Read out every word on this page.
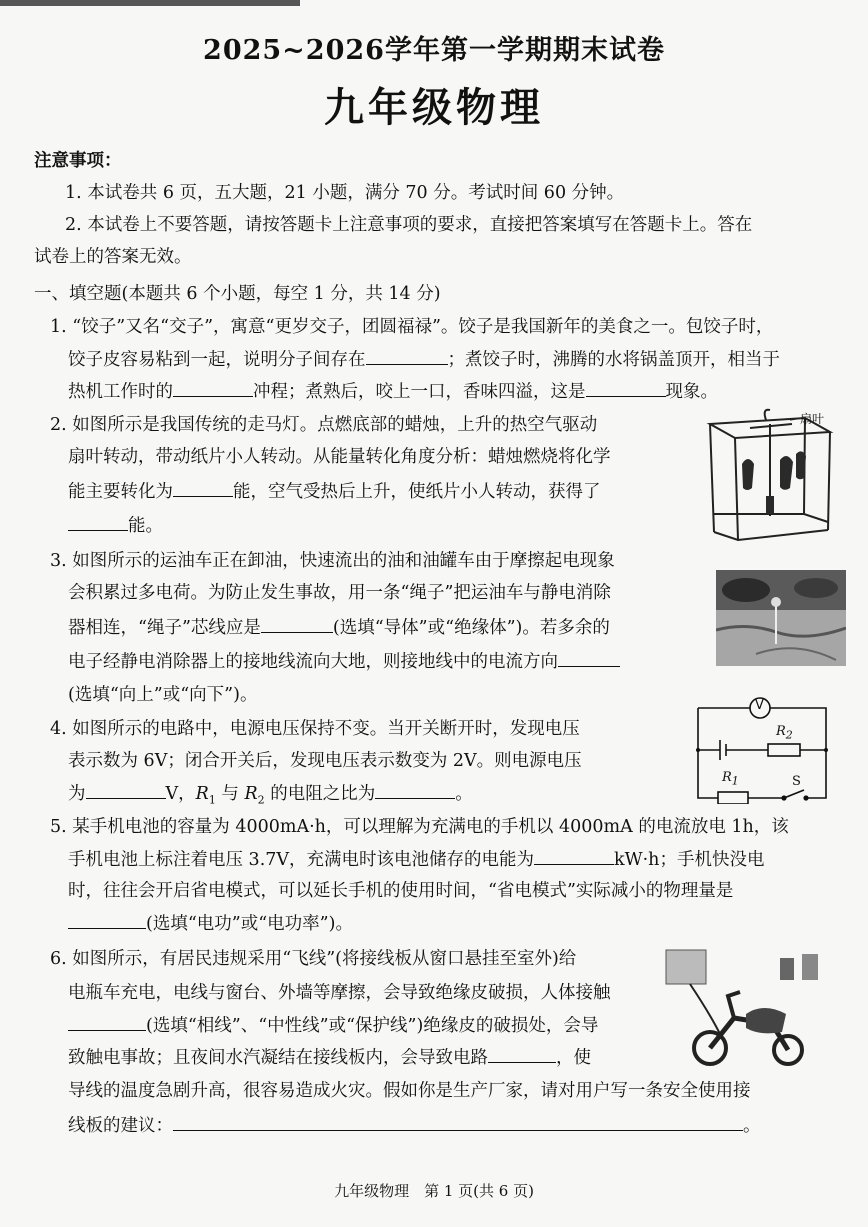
2025~2026学年第一学期期末试卷
九年级物理
注意事项：
1. 本试卷共 6 页，五大题，21 小题，满分 70 分。考试时间 60 分钟。
2. 本试卷上不要答题，请按答题卡上注意事项的要求，直接把答案填写在答题卡上。答在
试卷上的答案无效。
一、填空题(本题共 6 个小题，每空 1 分，共 14 分)
1. “饺子”又名“交子”，寓意“更岁交子，团圆福禄”。饺子是我国新年的美食之一。包饺子时，
饺子皮容易粘到一起，说明分子间存在	；煮饺子时，沸腾的水将锅盖顶开，相当于
热机工作时的	冲程；煮熟后，咬上一口，香味四溢，这是	现象。
2. 如图所示是我国传统的走马灯。点燃底部的蜡烛，上升的热空气驱动
扇叶转动，带动纸片小人转动。从能量转化角度分析：蜡烛燃烧将化学
能主要转化为	能，空气受热后上升，使纸片小人转动，获得了
能。
扇叶
3. 如图所示的运油车正在卸油，快速流出的油和油罐车由于摩擦起电现象
会积累过多电荷。为防止发生事故，用一条“绳子”把运油车与静电消除
器相连，“绳子”芯线应是	(选填“导体”或“绝缘体”)。若多余的
电子经静电消除器上的接地线流向大地，则接地线中的电流方向
(选填“向上”或“向下”)。
4. 如图所示的电路中，电源电压保持不变。当开关断开时，发现电压
表示数为 6V；闭合开关后，发现电压表示数变为 2V。则电源电压
为	V，$R_1$ 与 $R_2$ 的电阻之比为	。
V
$R_2$
$R_1$	S
5. 某手机电池的容量为 4000mA·h，可以理解为充满电的手机以 4000mA 的电流放电 1h，该
手机电池上标注着电压 3.7V，充满电时该电池储存的电能为	kW·h；手机快没电
时，往往会开启省电模式，可以延长手机的使用时间，“省电模式”实际减小的物理量是
(选填“电功”或“电功率”)。
6. 如图所示，有居民违规采用“飞线”(将接线板从窗口悬挂至室外)给
电瓶车充电，电线与窗台、外墙等摩擦，会导致绝缘皮破损，人体接触
(选填“相线”、“中性线”或“保护线”)绝缘皮的破损处，会导
致触电事故；且夜间水汽凝结在接线板内，会导致电路	，使
导线的温度急剧升高，很容易造成火灾。假如你是生产厂家，请对用户写一条安全使用接
线板的建议：	。
九年级物理　第 1 页(共 6 页)
